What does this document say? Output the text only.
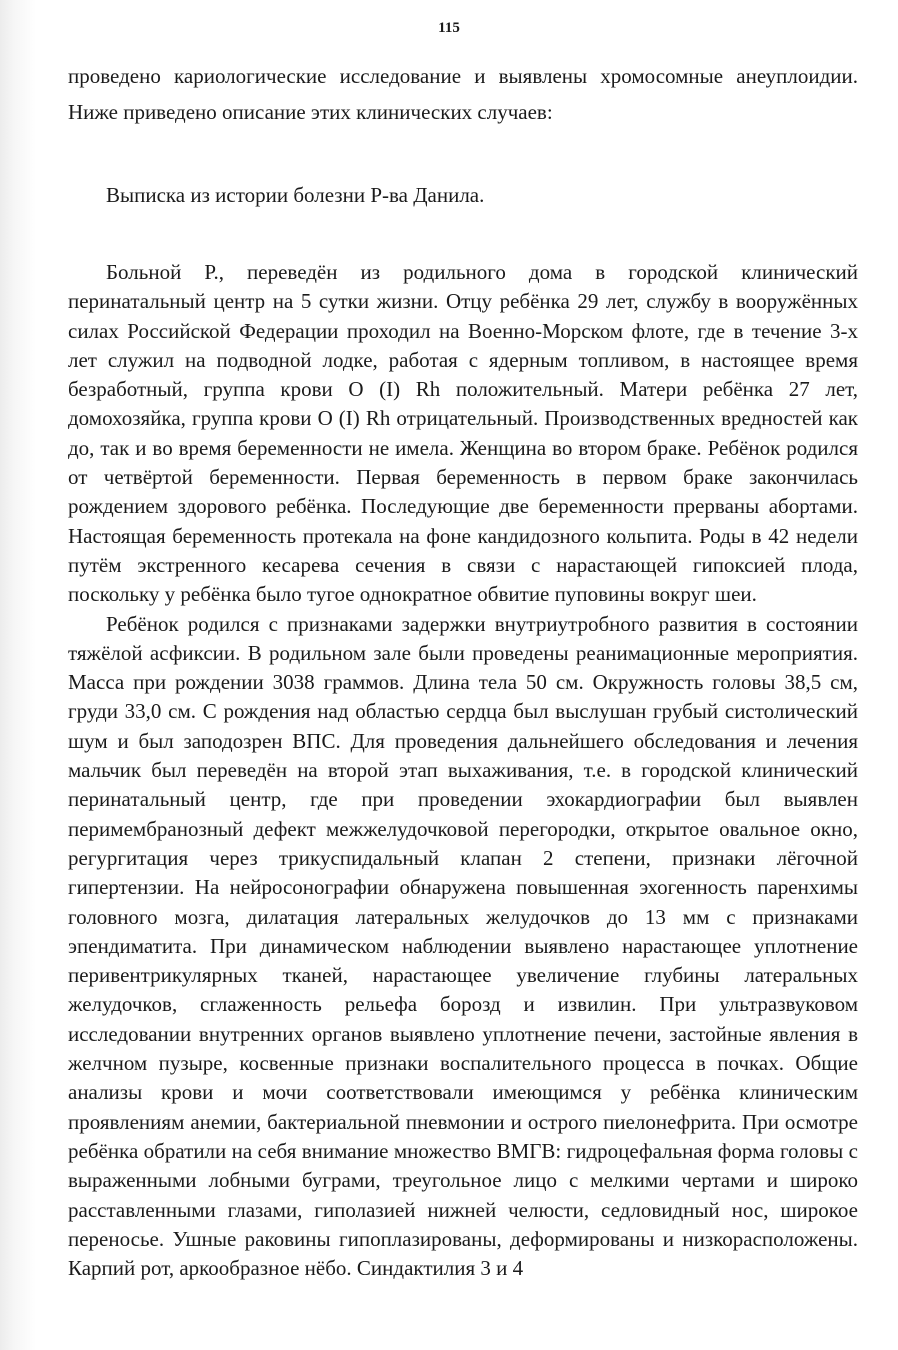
115
проведено кариологические исследование и выявлены хромосомные анеуплоидии. Ниже приведено описание этих клинических случаев:
Выписка из истории болезни Р-ва Данила.

Больной Р., переведён из родильного дома в городской клинический перинатальный центр на 5 сутки жизни. Отцу ребёнка 29 лет, службу в вооружённых силах Российской Федерации проходил на Военно-Морском флоте, где в течение 3-х лет служил на подводной лодке, работая с ядерным топливом, в настоящее время безработный, группа крови O (I) Rh положительный. Матери ребёнка 27 лет, домохозяйка, группа крови O (I) Rh отрицательный. Производственных вредностей как до, так и во время беременности не имела. Женщина во втором браке. Ребёнок родился от четвёртой беременности. Первая беременность в первом браке закончилась рождением здорового ребёнка. Последующие две беременности прерваны абортами. Настоящая беременность протекала на фоне кандидозного кольпита. Роды в 42 недели путём экстренного кесарева сечения в связи с нарастающей гипоксией плода, поскольку у ребёнка было тугое однократное обвитие пуповины вокруг шеи.

Ребёнок родился с признаками задержки внутриутробного развития в состоянии тяжёлой асфиксии. В родильном зале были проведены реанимационные мероприятия. Масса при рождении 3038 граммов. Длина тела 50 см. Окружность головы 38,5 см, груди 33,0 см. С рождения над областью сердца был выслушан грубый систолический шум и был заподозрен ВПС. Для проведения дальнейшего обследования и лечения мальчик был переведён на второй этап выхаживания, т.е. в городской клинический перинатальный центр, где при проведении эхокардиографии был выявлен перимембранозный дефект межжелудочковой перегородки, открытое овальное окно, регургитация через трикуспидальный клапан 2 степени, признаки лёгочной гипертензии. На нейросонографии обнаружена повышенная эхогенность паренхимы головного мозга, дилатация латеральных желудочков до 13 мм с признаками эпендиматита. При динамическом наблюдении выявлено нарастающее уплотнение перивентрикулярных тканей, нарастающее увеличение глубины латеральных желудочков, сглаженность рельефа борозд и извилин. При ультразвуковом исследовании внутренних органов выявлено уплотнение печени, застойные явления в желчном пузыре, косвенные признаки воспалительного процесса в почках. Общие анализы крови и мочи соответствовали имеющимся у ребёнка клиническим проявлениям анемии, бактериальной пневмонии и острого пиелонефрита. При осмотре ребёнка обратили на себя внимание множество ВМГВ: гидроцефальная форма головы с выраженными лобными буграми, треугольное лицо с мелкими чертами и широко расставленными глазами, гиполазией нижней челюсти, седловидный нос, широкое переносье. Ушные раковины гипоплазированы, деформированы и низкорасположены. Карпий рот, аркообразное нёбо. Синдактилия 3 и 4
